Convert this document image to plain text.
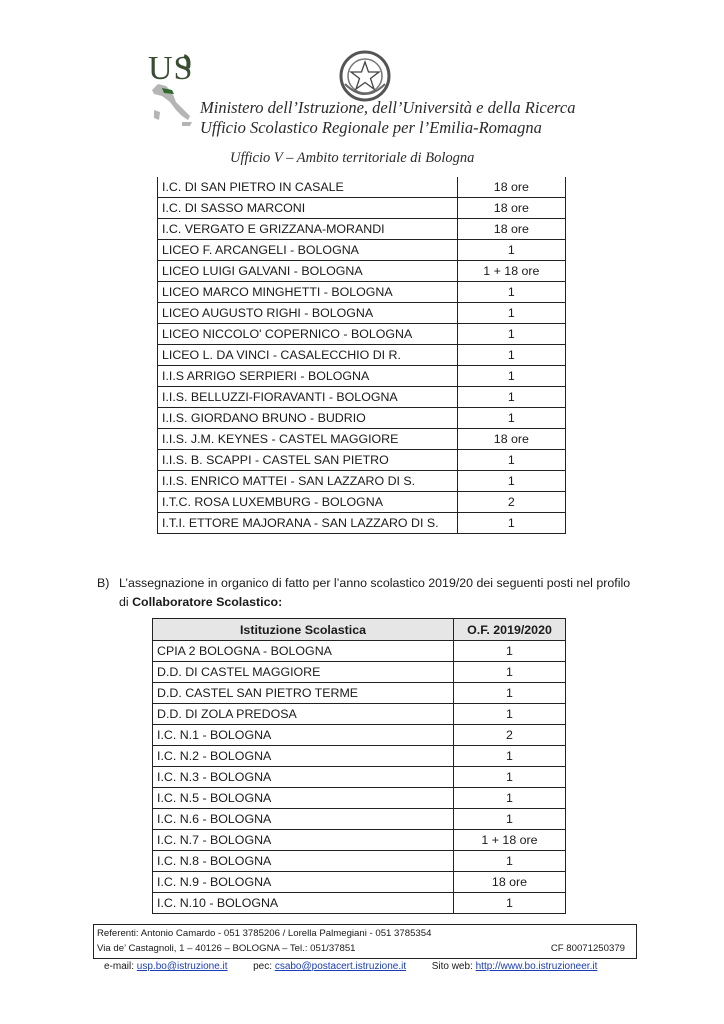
US
Ministero dell’Istruzione, dell’Università e della Ricerca
Ufficio Scolastico Regionale per l’Emilia-Romagna
Ufficio V – Ambito territoriale di Bologna
I.C. DI SAN PIETRO IN CASALE	18 ore
I.C. DI SASSO MARCONI	18 ore
I.C. VERGATO E GRIZZANA-MORANDI	18 ore
LICEO F. ARCANGELI - BOLOGNA	1
LICEO LUIGI GALVANI - BOLOGNA	1 + 18 ore
LICEO MARCO MINGHETTI - BOLOGNA	1
LICEO AUGUSTO RIGHI - BOLOGNA	1
LICEO NICCOLO' COPERNICO - BOLOGNA	1
LICEO L. DA VINCI - CASALECCHIO DI R.	1
I.I.S ARRIGO SERPIERI - BOLOGNA	1
I.I.S. BELLUZZI-FIORAVANTI - BOLOGNA	1
I.I.S. GIORDANO BRUNO - BUDRIO	1
I.I.S. J.M. KEYNES - CASTEL MAGGIORE	18 ore
I.I.S. B. SCAPPI - CASTEL SAN PIETRO	1
I.I.S. ENRICO MATTEI - SAN LAZZARO DI S.	1
I.T.C. ROSA LUXEMBURG - BOLOGNA	2
I.T.I. ETTORE MAJORANA - SAN LAZZARO DI S.	1
B) L’assegnazione in organico di fatto per l’anno scolastico 2019/20 dei seguenti posti nel profilo
di Collaboratore Scolastico:
Istituzione Scolastica	O.F. 2019/2020
CPIA 2 BOLOGNA - BOLOGNA	1
D.D. DI CASTEL MAGGIORE	1
D.D. CASTEL SAN PIETRO TERME	1
D.D. DI ZOLA PREDOSA	1
I.C. N.1 - BOLOGNA	2
I.C. N.2 - BOLOGNA	1
I.C. N.3 - BOLOGNA	1
I.C. N.5 - BOLOGNA	1
I.C. N.6 - BOLOGNA	1
I.C. N.7 - BOLOGNA	1 + 18 ore
I.C. N.8 - BOLOGNA	1
I.C. N.9 - BOLOGNA	18 ore
I.C. N.10 - BOLOGNA	1
Referenti: Antonio Camardo - 051 3785206 / Lorella Palmegiani - 051 3785354
Via de’ Castagnoli, 1 – 40126 – BOLOGNA – Tel.: 051/37851	CF 80071250379
e-mail: usp.bo@istruzione.it	pec: csabo@postacert.istruzione.it	Sito web: http://www.bo.istruzioneer.it
